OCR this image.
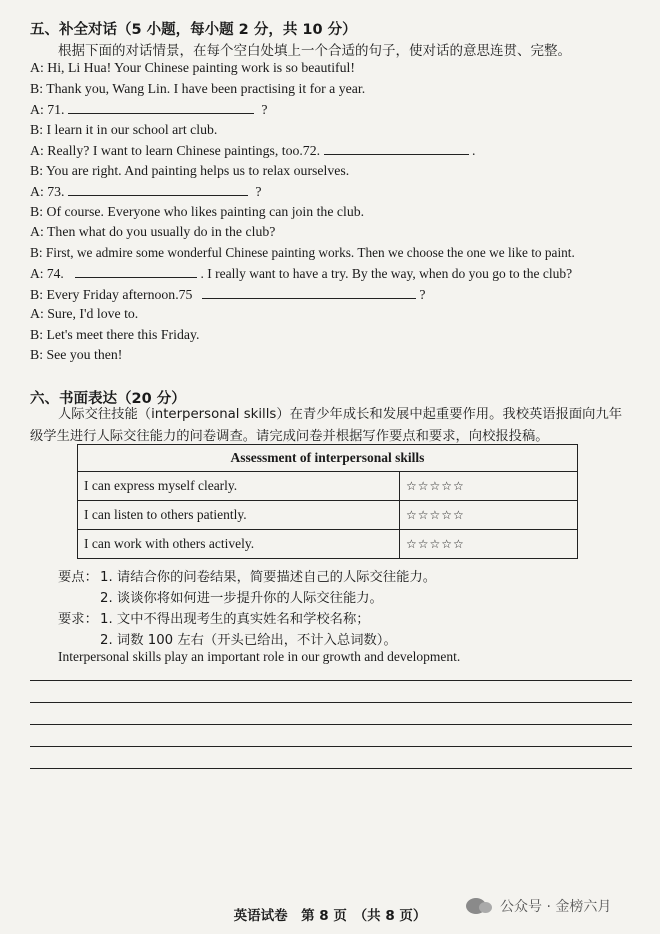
五、补全对话（5 小题，每小题 2 分，共 10 分）
根据下面的对话情景，在每个空白处填上一个合适的句子，使对话的意思连贯、完整。
A: Hi, Li Hua! Your Chinese painting work is so beautiful!
B: Thank you, Wang Lin. I have been practising it for a year.
A: 71.	?
B: I learn it in our school art club.
A: Really? I want to learn Chinese paintings, too.72.	.
B: You are right. And painting helps us to relax ourselves.
A: 73.	?
B: Of course. Everyone who likes painting can join the club.
A: Then what do you usually do in the club?
B: First, we admire some wonderful Chinese painting works. Then we choose the one we like to paint.
A: 74.	. I really want to have a try. By the way, when do you go to the club?
B: Every Friday afternoon.75	?
A: Sure, I'd love to.
B: Let's meet there this Friday.
B: See you then!
六、书面表达（20 分）
人际交往技能（interpersonal skills）在青少年成长和发展中起重要作用。我校英语报面向九年
级学生进行人际交往能力的问卷调查。请完成问卷并根据写作要点和要求，向校报投稿。
Assessment of interpersonal skills	
I can express myself clearly.	☆☆☆☆☆
I can listen to others patiently.	☆☆☆☆☆
I can work with others actively.	☆☆☆☆☆
要点： 1. 请结合你的问卷结果，简要描述自己的人际交往能力。
2. 谈谈你将如何进一步提升你的人际交往能力。
要求： 1. 文中不得出现考生的真实姓名和学校名称；
2. 词数 100 左右（开头已给出，不计入总词数）。
Interpersonal skills play an important role in our growth and development.
英语试卷　第 8 页　（共 8 页）
公众号 · 金榜六月
